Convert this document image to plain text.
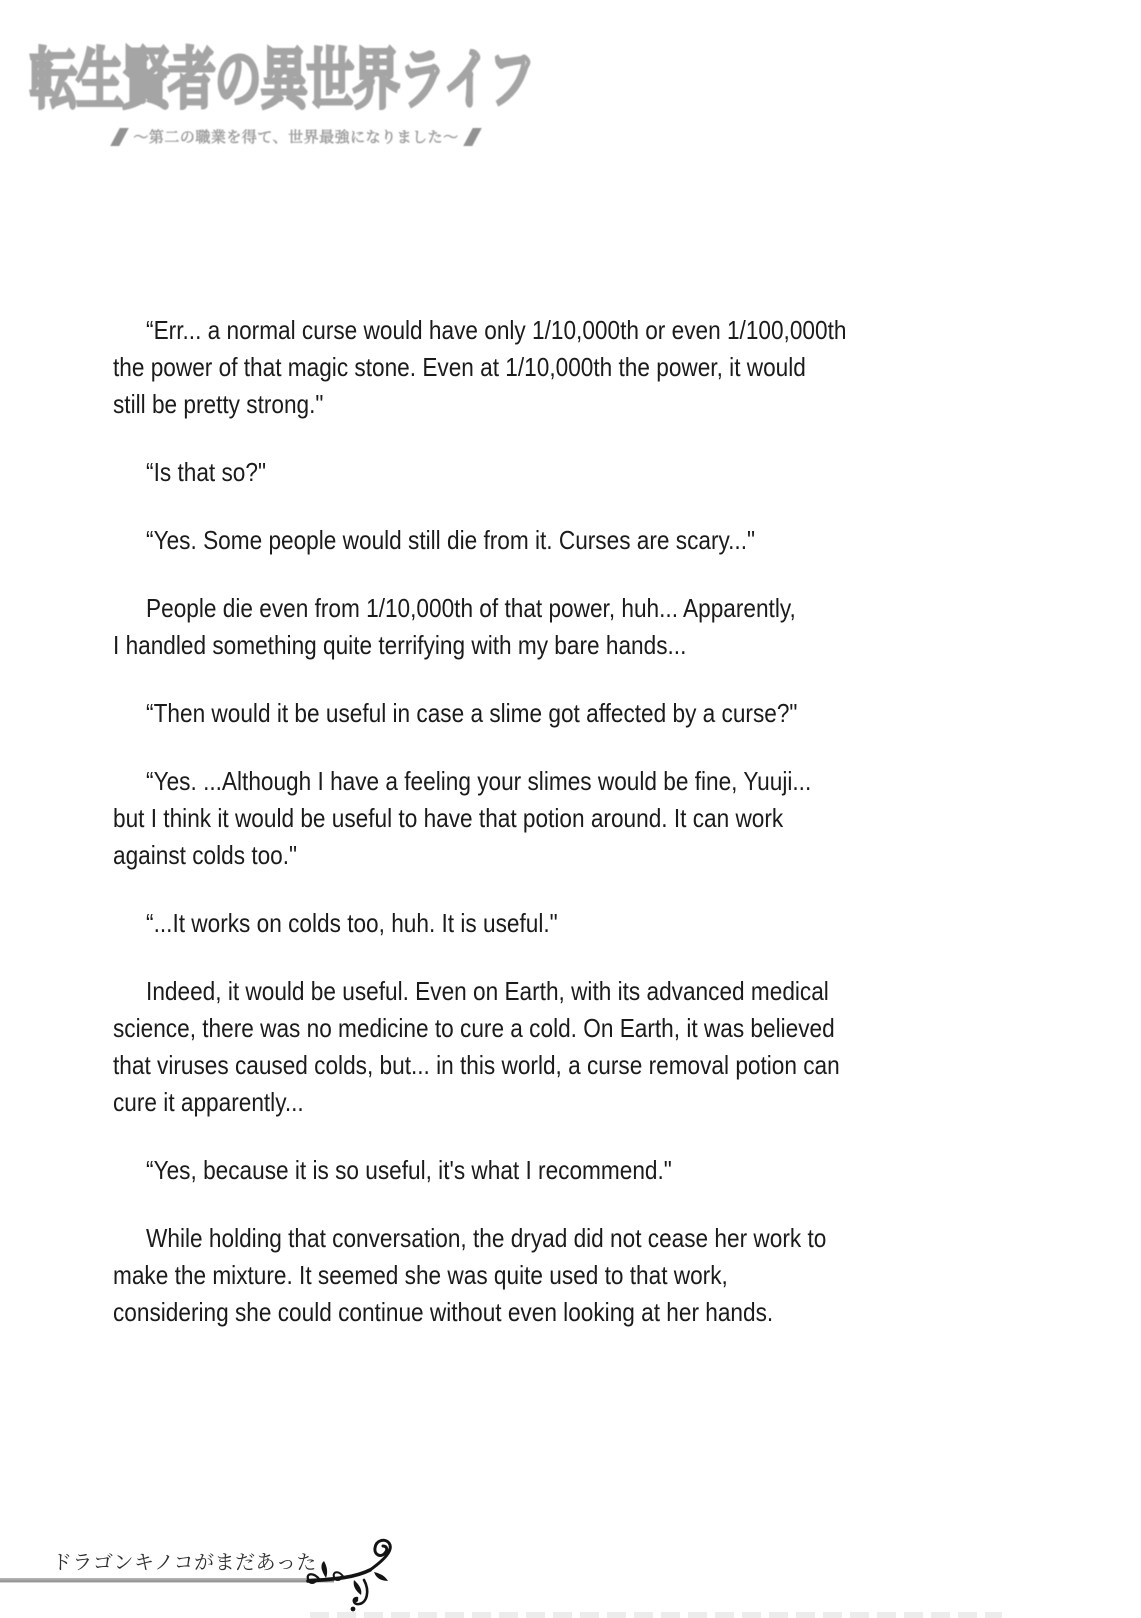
転生賢者の異世界ライフ
〜第二の職業を得て、世界最強になりました〜

“Err... a normal curse would have only 1/10,000th or even 1/100,000th
the power of that magic stone. Even at 1/10,000th the power, it would
still be pretty strong."

“Is that so?"

“Yes. Some people would still die from it. Curses are scary..."

People die even from 1/10,000th of that power, huh... Apparently,
I handled something quite terrifying with my bare hands...

“Then would it be useful in case a slime got affected by a curse?"

“Yes. ...Although I have a feeling your slimes would be fine, Yuuji...
but I think it would be useful to have that potion around. It can work
against colds too."

“...It works on colds too, huh. It is useful."

Indeed, it would be useful. Even on Earth, with its advanced medical
science, there was no medicine to cure a cold. On Earth, it was believed
that viruses caused colds, but... in this world, a curse removal potion can
cure it apparently...

“Yes, because it is so useful, it's what I recommend."

While holding that conversation, the dryad did not cease her work to
make the mixture. It seemed she was quite used to that work,
considering she could continue without even looking at her hands.

ドラゴンキノコがまだあった
